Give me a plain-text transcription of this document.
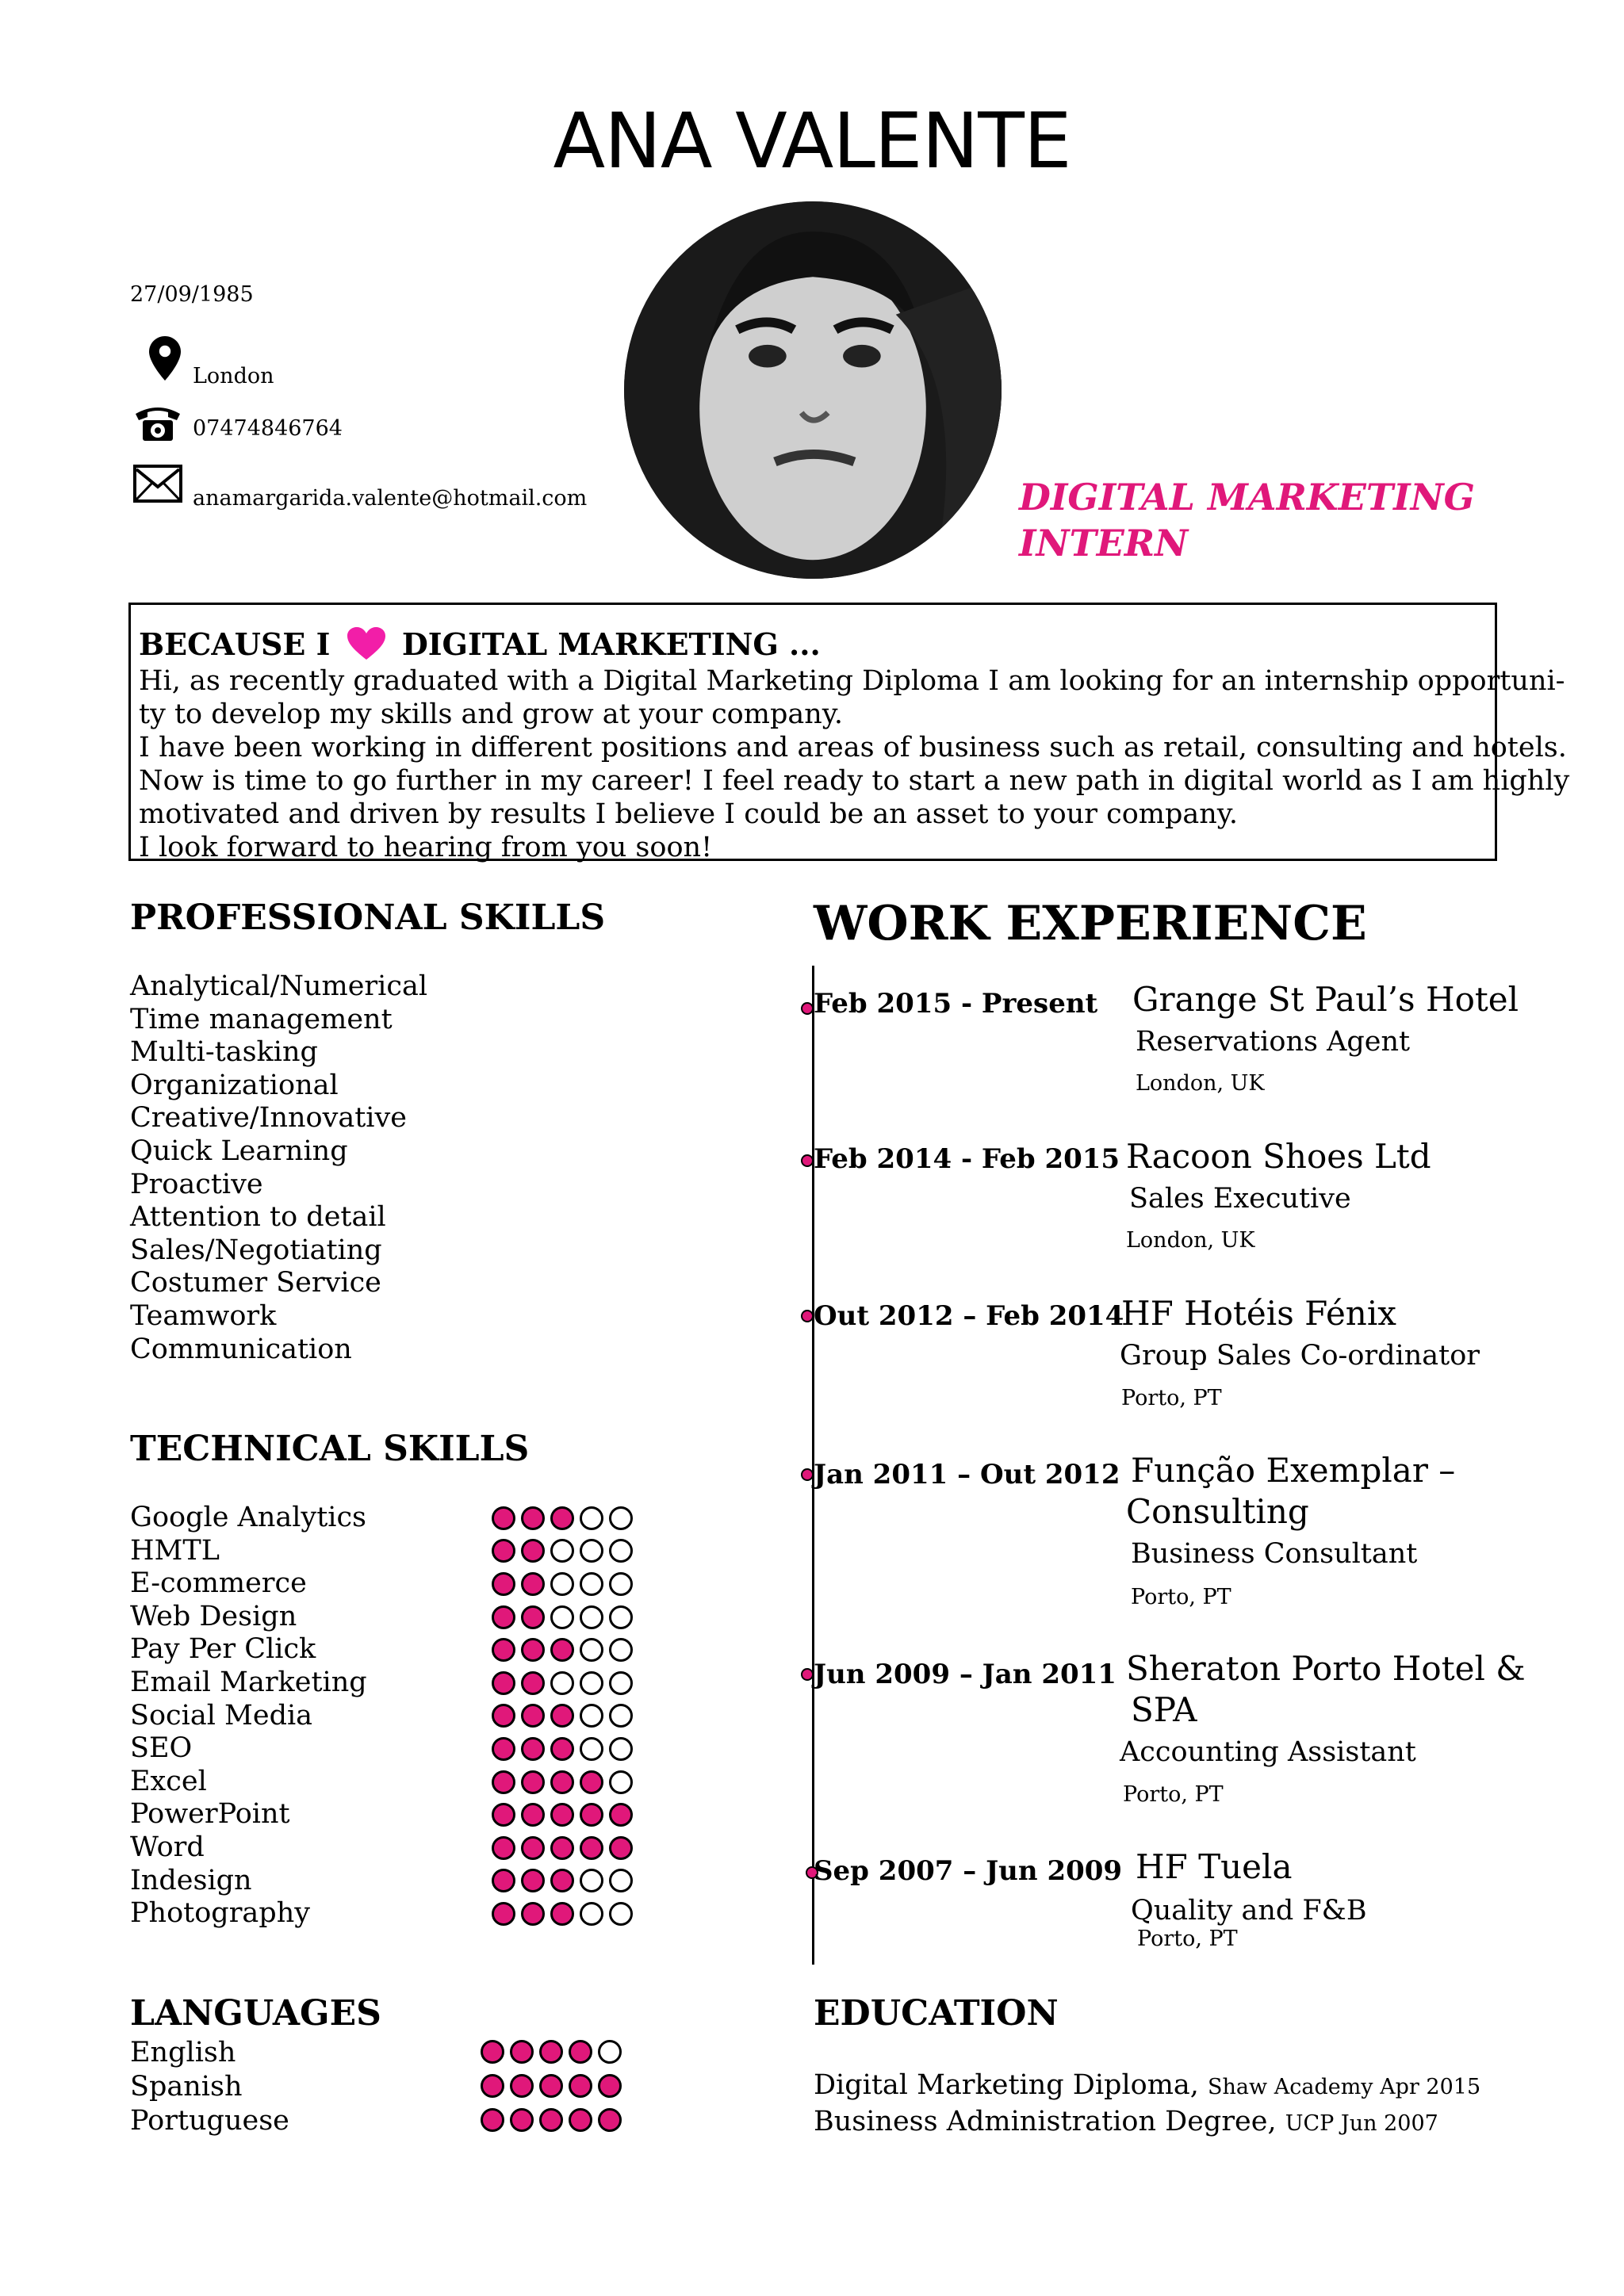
ANA VALENTE
27/09/1985
London
07474846764
anamargarida.valente@hotmail.com	DIGITAL MARKETING
INTERN
BECAUSE I DIGITAL MARKETING ...
Hi, as recently graduated with a Digital Marketing Diploma I am looking for an internship opportuni-
ty to develop my skills and grow at your company.
I have been working in different positions and areas of business such as retail, consulting and hotels.
Now is time to go further in my career! I feel ready to start a new path in digital world as I am highly
motivated and driven by results I believe I could be an asset to your company.
I look forward to hearing from you soon!
PROFESSIONAL SKILLS
Analytical/Numerical
Time management
Multi-tasking
Organizational
Creative/Innovative
Quick Learning
Proactive
Attention to detail
Sales/Negotiating
Costumer Service
Teamwork
Communication
TECHNICAL SKILLS
Google Analytics
HMTL
E-commerce
Web Design
Pay Per Click
Email Marketing
Social Media
SEO
Excel
PowerPoint
Word
Indesign
Photography
LANGUAGES
English
Spanish
Portuguese
WORK EXPERIENCE
Feb 2015 - Present Grange St Paul’s Hotel
Reservations Agent
London, UK
Feb 2014 - Feb 2015 Racoon Shoes Ltd
Sales Executive
London, UK
Out 2012 – Feb 2014
HF Hotéis Fénix
Group Sales Co-ordinator
Porto, PT
Jan 2011 – Out 2012 Função Exemplar –
Consulting
Business Consultant
Porto, PT
Jun 2009 – Jan 2011 Sheraton Porto Hotel &
SPA
Accounting Assistant
Porto, PT
Sep 2007 – Jun 2009 HF Tuela
Quality and F&B
Porto, PT
EDUCATION
Digital Marketing Diploma, Shaw Academy Apr 2015
Business Administration Degree, UCP Jun 2007
